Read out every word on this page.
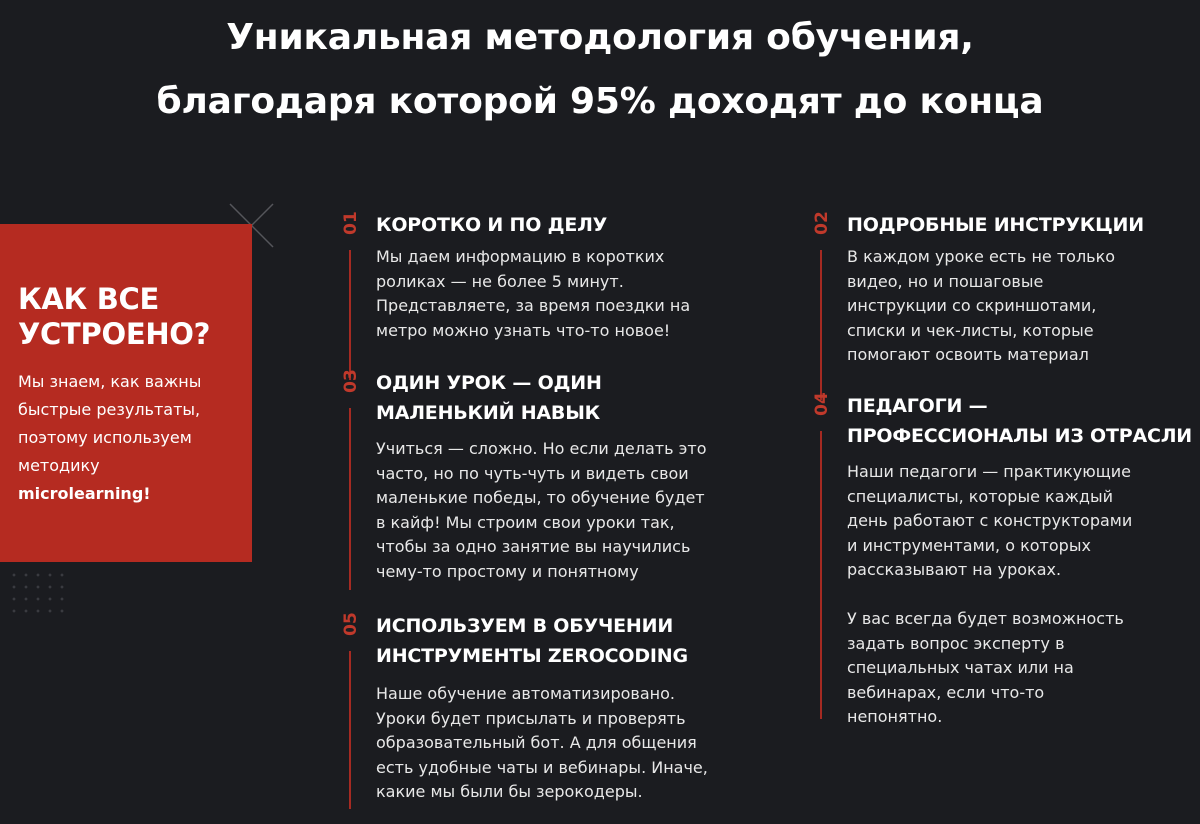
Уникальная методология обучения,
благодаря которой 95% доходят до конца
КАК ВСЕ
УСТРОЕНО?
Мы знаем, как важны
быстрые результаты,
поэтому используем
методику
microlearning!
01 КОРОТКО И ПО ДЕЛУ
Мы даем информацию в коротких
роликах — не более 5 минут.
Представляете, за время поездки на
метро можно узнать что-то новое!
03 ОДИН УРОК — ОДИН
МАЛЕНЬКИЙ НАВЫК
Учиться — сложно. Но если делать это
часто, но по чуть-чуть и видеть свои
маленькие победы, то обучение будет
в кайф! Мы строим свои уроки так,
чтобы за одно занятие вы научились
чему-то простому и понятному
05 ИСПОЛЬЗУЕМ В ОБУЧЕНИИ
ИНСТРУМЕНТЫ ZEROCODING
Наше обучение автоматизировано.
Уроки будет присылать и проверять
образовательный бот. А для общения
есть удобные чаты и вебинары. Иначе,
какие мы были бы зерокодеры.
02 ПОДРОБНЫЕ ИНСТРУКЦИИ
В каждом уроке есть не только
видео, но и пошаговые
инструкции со скриншотами,
списки и чек-листы, которые
помогают освоить материал
04 ПЕДАГОГИ —
ПРОФЕССИОНАЛЫ ИЗ ОТРАСЛИ
Наши педагоги — практикующие
специалисты, которые каждый
день работают с конструкторами
и инструментами, о которых
рассказывают на уроках.
У вас всегда будет возможность
задать вопрос эксперту в
специальных чатах или на
вебинарах, если что-то
непонятно.
